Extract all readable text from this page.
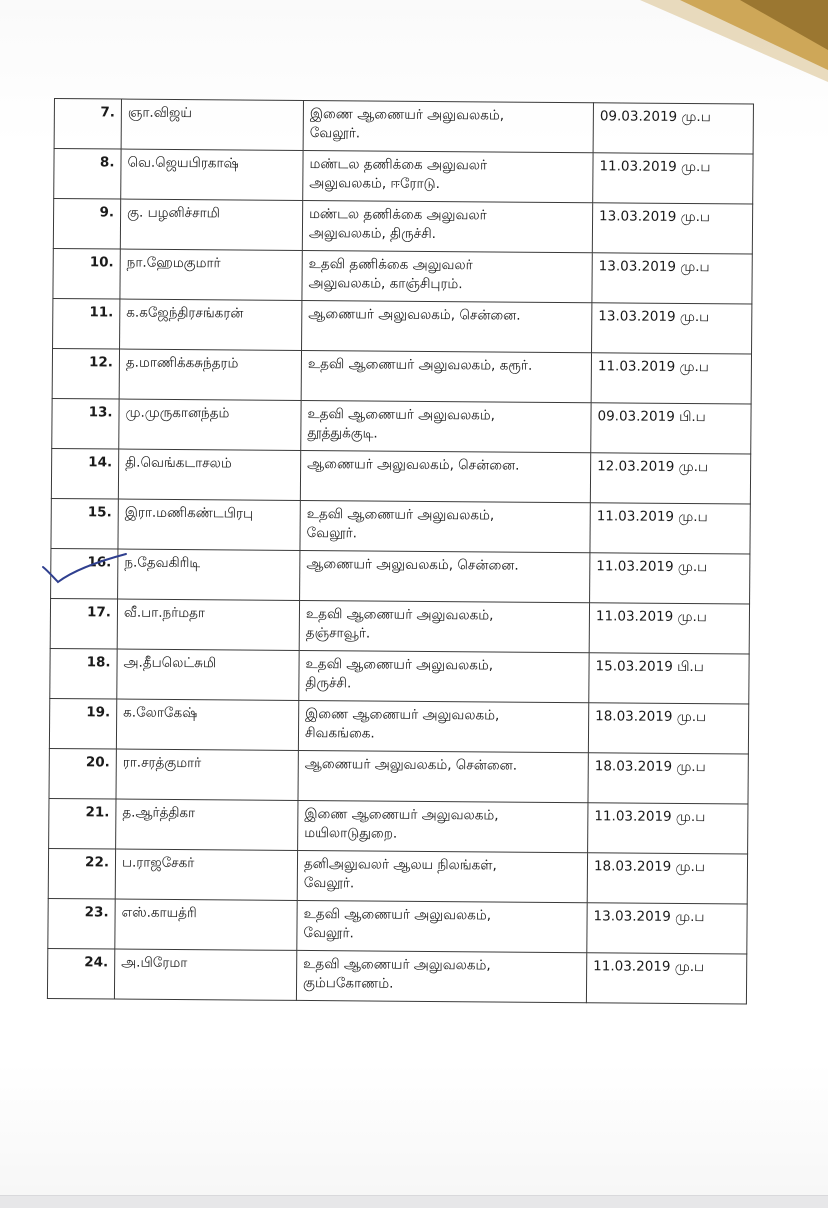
7.	ஞா.விஜய்	இணை ஆணையர் அலுவலகம்,
வேலூர்.	09.03.2019 மு.ப
8.	வெ.ஜெயபிரகாஷ்	மண்டல தணிக்கை அலுவலர்
அலுவலகம், ஈரோடு.	11.03.2019 மு.ப
9.	கு. பழனிச்சாமி	மண்டல தணிக்கை அலுவலர்
அலுவலகம், திருச்சி.	13.03.2019 மு.ப
10.	நா.ஹேமகுமார்	உதவி தணிக்கை அலுவலர்
அலுவலகம், காஞ்சிபுரம்.	13.03.2019 மு.ப
11.	க.கஜேந்திரசங்கரன்	ஆணையர் அலுவலகம், சென்னை.	13.03.2019 மு.ப
12.	த.மாணிக்கசுந்தரம்	உதவி ஆணையர் அலுவலகம், கரூர்.	11.03.2019 மு.ப
13.	மு.முருகானந்தம்	உதவி ஆணையர் அலுவலகம்,
தூத்துக்குடி.	09.03.2019 பி.ப
14.	தி.வெங்கடாசலம்	ஆணையர் அலுவலகம், சென்னை.	12.03.2019 மு.ப
15.	இரா.மணிகண்டபிரபு	உதவி ஆணையர் அலுவலகம்,
வேலூர்.	11.03.2019 மு.ப
16.	ந.தேவகிரிடி	ஆணையர் அலுவலகம், சென்னை.	11.03.2019 மு.ப
17.	வீ.பா.நர்மதா	உதவி ஆணையர் அலுவலகம்,
தஞ்சாவூர்.	11.03.2019 மு.ப
18.	அ.தீபலெட்சுமி	உதவி ஆணையர் அலுவலகம்,
திருச்சி.	15.03.2019 பி.ப
19.	க.லோகேஷ்	இணை ஆணையர் அலுவலகம்,
சிவகங்கை.	18.03.2019 மு.ப
20.	ரா.சரத்குமார்	ஆணையர் அலுவலகம், சென்னை.	18.03.2019 மு.ப
21.	த.ஆர்த்திகா	இணை ஆணையர் அலுவலகம்,
மயிலாடுதுறை.	11.03.2019 மு.ப
22.	ப.ராஜசேகர்	தனிஅலுவலர் ஆலய நிலங்கள்,
வேலூர்.	18.03.2019 மு.ப
23.	எஸ்.காயத்ரி	உதவி ஆணையர் அலுவலகம்,
வேலூர்.	13.03.2019 மு.ப
24.	அ.பிரேமா	உதவி ஆணையர் அலுவலகம்,
கும்பகோணம்.	11.03.2019 மு.ப
